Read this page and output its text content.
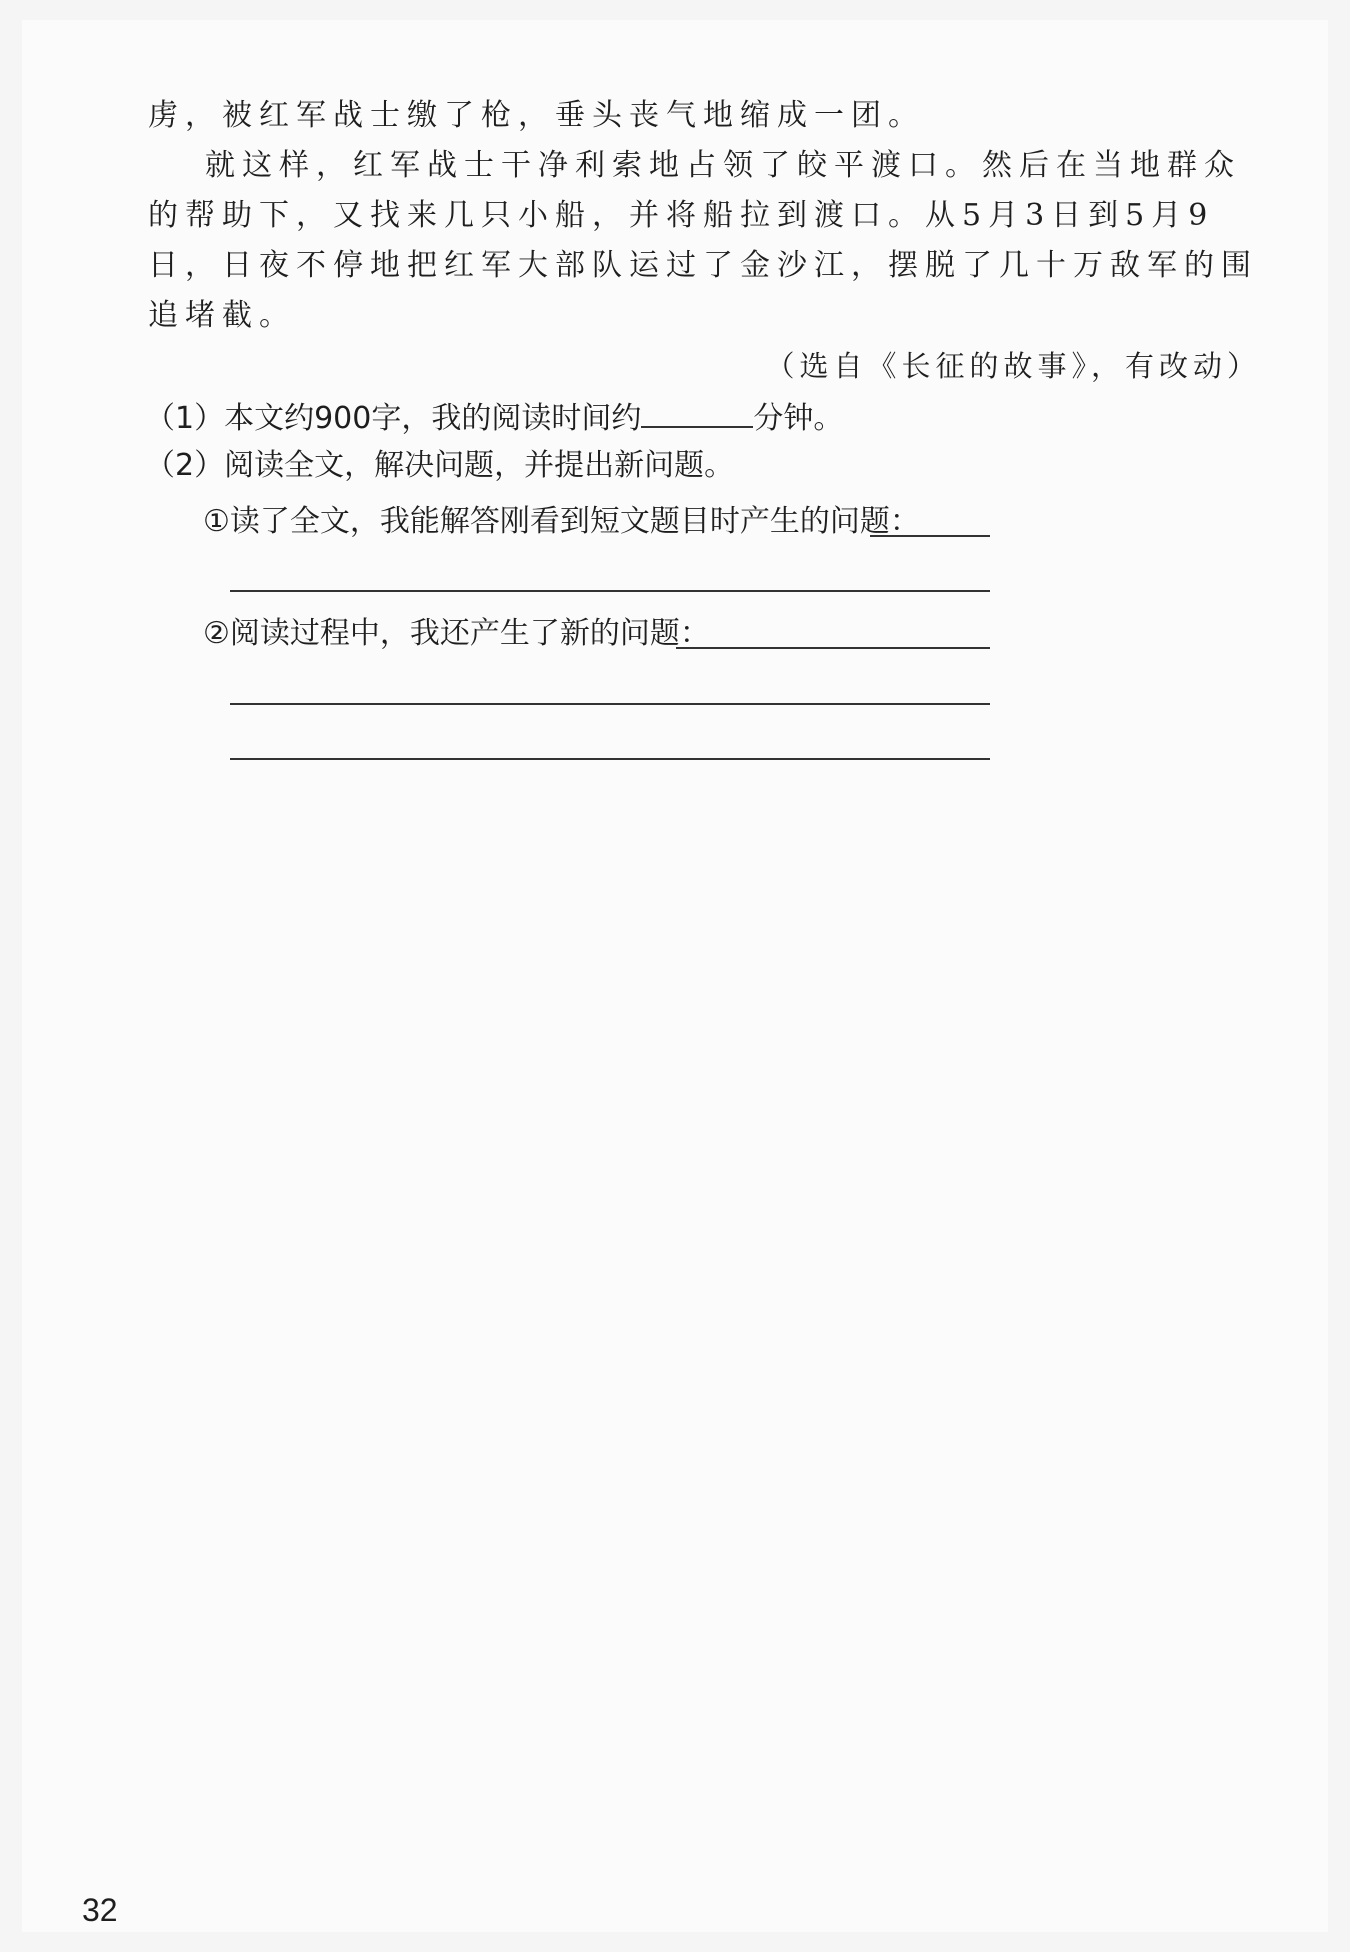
虏，被红军战士缴了枪，垂头丧气地缩成一团。
就这样，红军战士干净利索地占领了皎平渡口。然后在当地群众
的帮助下，又找来几只小船，并将船拉到渡口。从5月3日到5月9
日，日夜不停地把红军大部队运过了金沙江，摆脱了几十万敌军的围
追堵截。
（选自《长征的故事》，有改动）
（1）本文约900字，我的阅读时间约	分钟。
（2）阅读全文，解决问题，并提出新问题。
①读了全文，我能解答刚看到短文题目时产生的问题：
②阅读过程中，我还产生了新的问题：
32
